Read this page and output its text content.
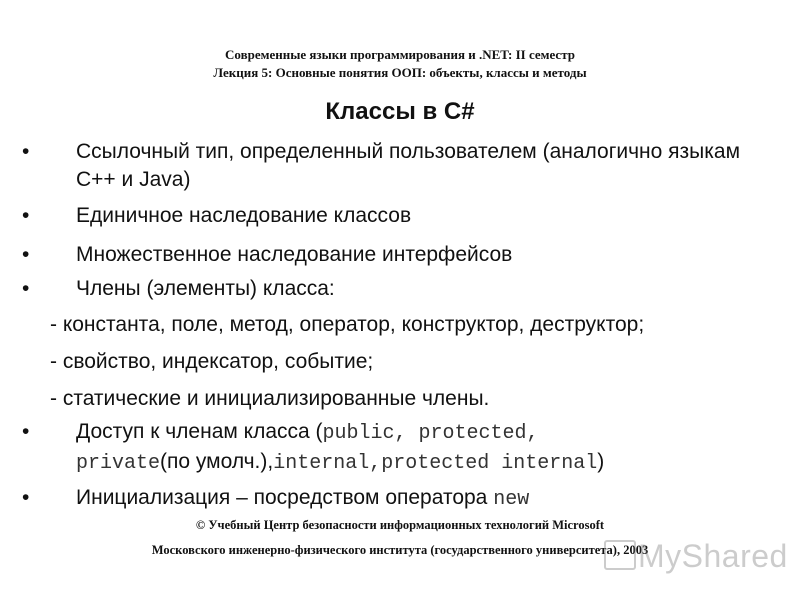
Современные языки программирования и .NET: II семестр
Лекция 5: Основные понятия ООП: объекты, классы и методы
Классы в C#
•	Ссылочный тип, определенный пользователем (аналогично языкам C++ и Java)
•	Единичное наследование классов
•	Множественное наследование интерфейсов
•	Члены (элементы) класса:
- константа, поле, метод, оператор, конструктор, деструктор;
- свойство, индексатор, событие;
- статические и инициализированные члены.
•	Доступ к членам класса (public, protected,
private(по умолч.),internal,protected internal)
•	Инициализация – посредством оператора new
© Учебный Центр безопасности информационных технологий Microsoft
Московского инженерно-физического института (государственного университета), 2003
MyShared
